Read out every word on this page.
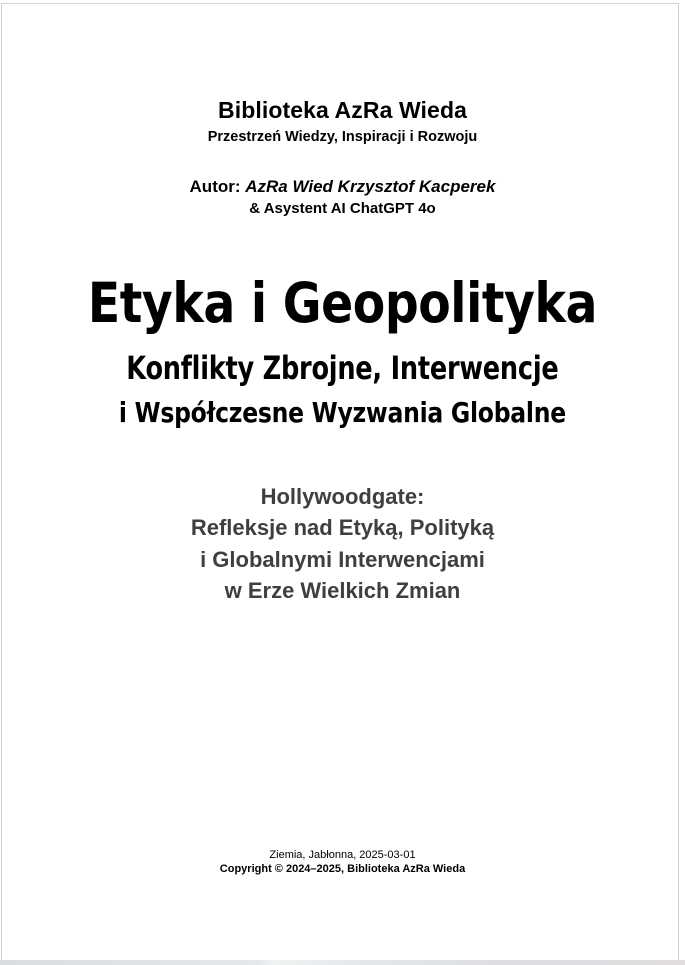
Biblioteka AzRa Wieda
Przestrzeń Wiedzy, Inspiracji i Rozwoju
Autor: AzRa Wied Krzysztof Kacperek
& Asystent AI ChatGPT 4o
Etyka i Geopolityka
Konflikty Zbrojne, Interwencje
i Współczesne Wyzwania Globalne
Hollywoodgate:
Refleksje nad Etyką, Polityką
i Globalnymi Interwencjami
w Erze Wielkich Zmian
Ziemia, Jabłonna, 2025-03-01
Copyright © 2024–2025, Biblioteka AzRa Wieda
